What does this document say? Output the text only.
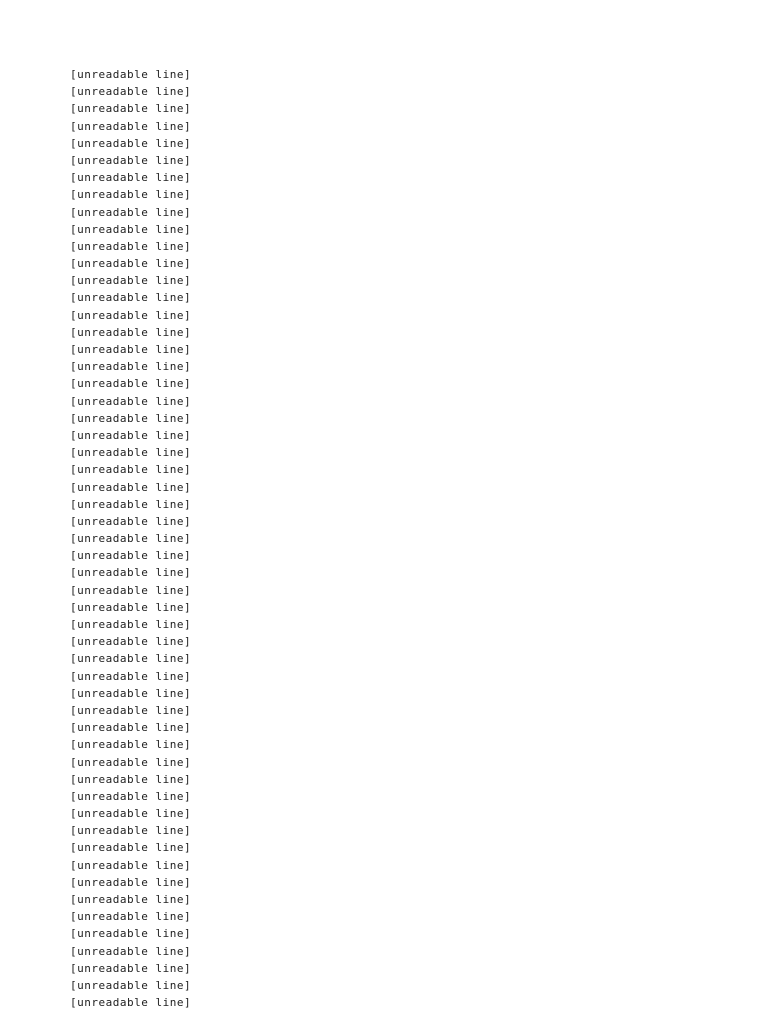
[unreadable line]
[unreadable line]
[unreadable line]
[unreadable line]
[unreadable line]
[unreadable line]
[unreadable line]
[unreadable line]
[unreadable line]
[unreadable line]
[unreadable line]
[unreadable line]
[unreadable line]
[unreadable line]
[unreadable line]
[unreadable line]
[unreadable line]
[unreadable line]
[unreadable line]
[unreadable line]
[unreadable line]
[unreadable line]
[unreadable line]
[unreadable line]
[unreadable line]
[unreadable line]
[unreadable line]
[unreadable line]
[unreadable line]
[unreadable line]
[unreadable line]
[unreadable line]
[unreadable line]
[unreadable line]
[unreadable line]
[unreadable line]
[unreadable line]
[unreadable line]
[unreadable line]
[unreadable line]
[unreadable line]
[unreadable line]
[unreadable line]
[unreadable line]
[unreadable line]
[unreadable line]
[unreadable line]
[unreadable line]
[unreadable line]
[unreadable line]
[unreadable line]
[unreadable line]
[unreadable line]
[unreadable line]
[unreadable line]
